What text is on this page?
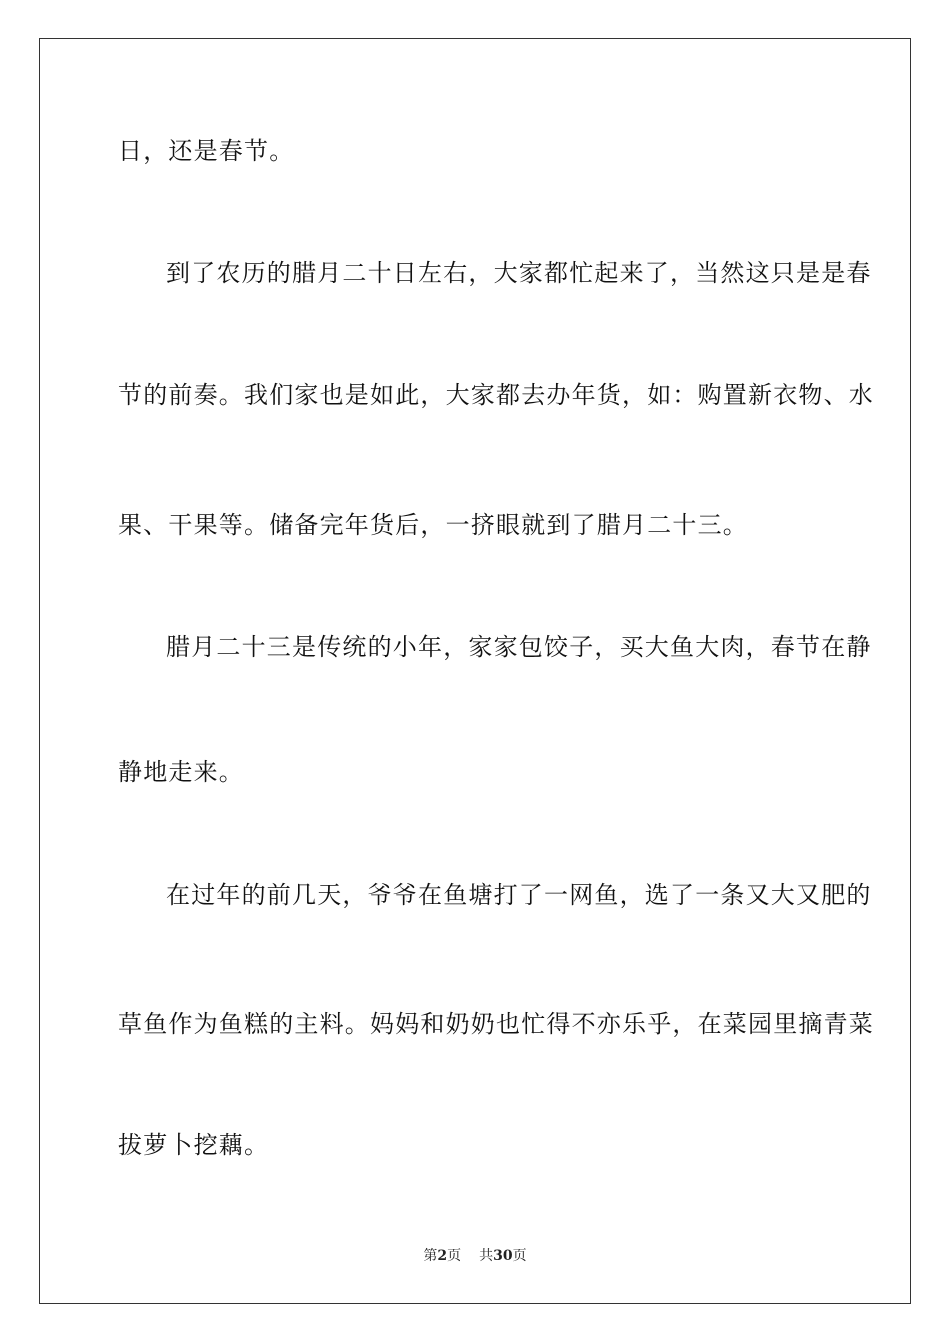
日，还是春节。
到了农历的腊月二十日左右，大家都忙起来了，当然这只是是春
节的前奏。我们家也是如此，大家都去办年货，如：购置新衣物、水
果、干果等。储备完年货后，一挤眼就到了腊月二十三。
腊月二十三是传统的小年，家家包饺子，买大鱼大肉，春节在静
静地走来。
在过年的前几天，爷爷在鱼塘打了一网鱼，选了一条又大又肥的
草鱼作为鱼糕的主料。妈妈和奶奶也忙得不亦乐乎，在菜园里摘青菜
拔萝卜挖藕。
第2页 共30页
